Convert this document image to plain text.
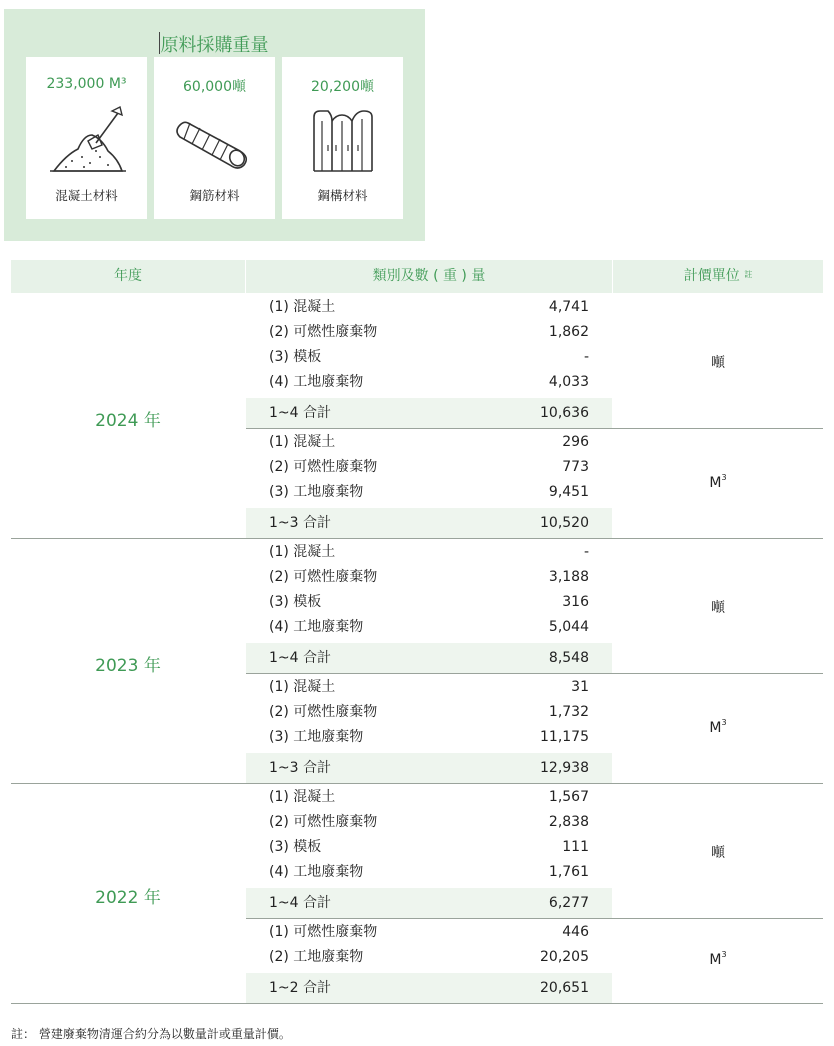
原料採購重量
233,000 M³
混凝土材料
60,000噸
鋼筋材料
20,200噸
鋼構材料
年度	類別及數 ( 重 ) 量	計價單位 $^註$
(1) 混凝土	4,741
(2) 可燃性廢棄物	1,862
(3) 模板	-
(4) 工地廢棄物	4,033
1~4 合計	10,636
噸
(1) 混凝土	296
(2) 可燃性廢棄物	773
(3) 工地廢棄物	9,451
1~3 合計	10,520
$M^3$
2024 年
(1) 混凝土	-
(2) 可燃性廢棄物	3,188
(3) 模板	316
(4) 工地廢棄物	5,044
1~4 合計	8,548
噸
(1) 混凝土	31
(2) 可燃性廢棄物	1,732
(3) 工地廢棄物	11,175
1~3 合計	12,938
$M^3$
2023 年
(1) 混凝土	1,567
(2) 可燃性廢棄物	2,838
(3) 模板	111
(4) 工地廢棄物	1,761
1~4 合計	6,277
噸
(1) 可燃性廢棄物	446
(2) 工地廢棄物	20,205
1~2 合計	20,651
$M^3$
2022 年
註： 營建廢棄物清運合約分為以數量計或重量計價。
